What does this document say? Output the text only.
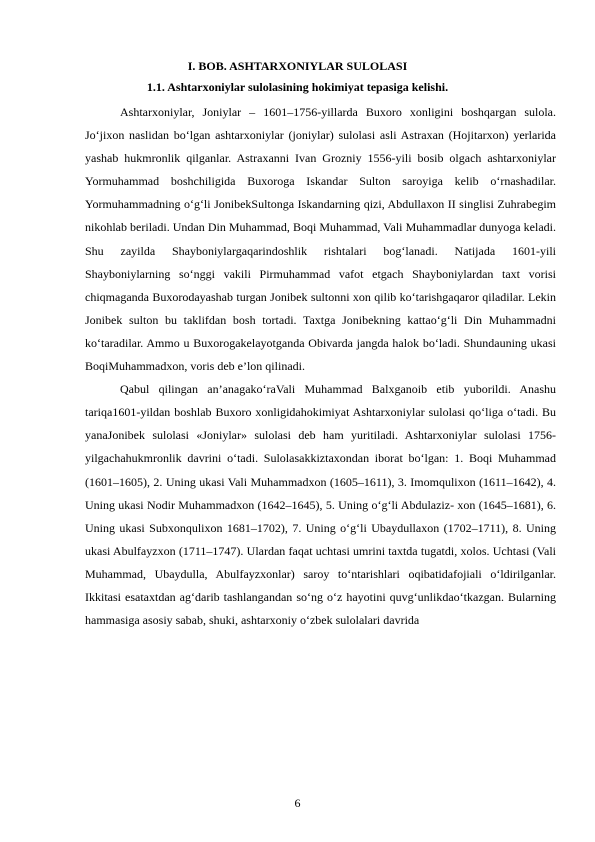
I. BOB. ASHTARXONIYLAR SULOLASI
1.1. Ashtarxoniylar sulolasining hokimiyat tepasiga kelishi.

Ashtarxoniylar, Joniylar – 1601–1756-yillarda Buxoro xonligini boshqargan sulola. Jo‘jixon naslidan bo‘lgan ashtarxoniylar (joniylar) sulolasi asli Astraxan (Hojitarxon) yerlarida yashab hukmronlik qilganlar. Astraxanni Ivan Grozniy 1556-yili bosib olgach ashtarxoniylar Yormuhammad boshchiligida Buxoroga Iskandar Sulton saroyiga kelib o‘rnashadilar. Yormuhammadning o‘g‘li JonibekSultonga Iskandarning qizi, Abdullaxon II singlisi Zuhrabegim nikohlab beriladi. Undan Din Muhammad, Boqi Muhammad, Vali Muhammadlar dunyoga keladi. Shu zayilda Shayboniylargaqarindoshlik rishtalari bog‘lanadi. Natijada 1601-yili Shayboniylarning so‘nggi vakili Pirmuhammad vafot etgach Shayboniylardan taxt vorisi chiqmaganda Buxorodayashab turgan Jonibek sultonni xon qilib ko‘tarishgaqaror qiladilar. Lekin Jonibek sulton bu taklifdan bosh tortadi. Taxtga Jonibekning kattao‘g‘li Din Muhammadni ko‘taradilar. Ammo u Buxorogakelayotganda Obivarda jangda halok bo‘ladi. Shundauning ukasi BoqiMuhammadxon, voris deb e’lon qilinadi.

Qabul qilingan an’anagako‘raVali Muhammad Balxganoib etib yuborildi. Anashu tariqa1601-yildan boshlab Buxoro xonligidahokimiyat Ashtarxoniylar sulolasi qo‘liga o‘tadi. Bu yanaJonibek sulolasi «Joniylar» sulolasi deb ham yuritiladi. Ashtarxoniylar sulolasi 1756-yilgachahukmronlik davrini o‘tadi. Sulolasakkiztaxondan iborat bo‘lgan: 1. Boqi Muhammad (1601–1605), 2. Uning ukasi Vali Muhammadxon (1605–1611), 3. Imomqulixon (1611–1642), 4. Uning ukasi Nodir Muhammadxon (1642–1645), 5. Uning o‘g‘li Abdulaziz- xon (1645–1681), 6. Uning ukasi Subxonqulixon 1681–1702), 7. Uning o‘g‘li Ubaydullaxon (1702–1711), 8. Uning ukasi Abulfayzxon (1711–1747). Ulardan faqat uchtasi umrini taxtda tugatdi, xolos. Uchtasi (Vali Muhammad, Ubaydulla, Abulfayzxonlar) saroy to‘ntarishlari oqibatidafojiali o‘ldirilganlar. Ikkitasi esataxtdan ag‘darib tashlangandan so‘ng o‘z hayotini quvg‘unlikdao‘tkazgan. Bularning hammasiga asosiy sabab, shuki, ashtarxoniy o‘zbek sulolalari davrida

6
